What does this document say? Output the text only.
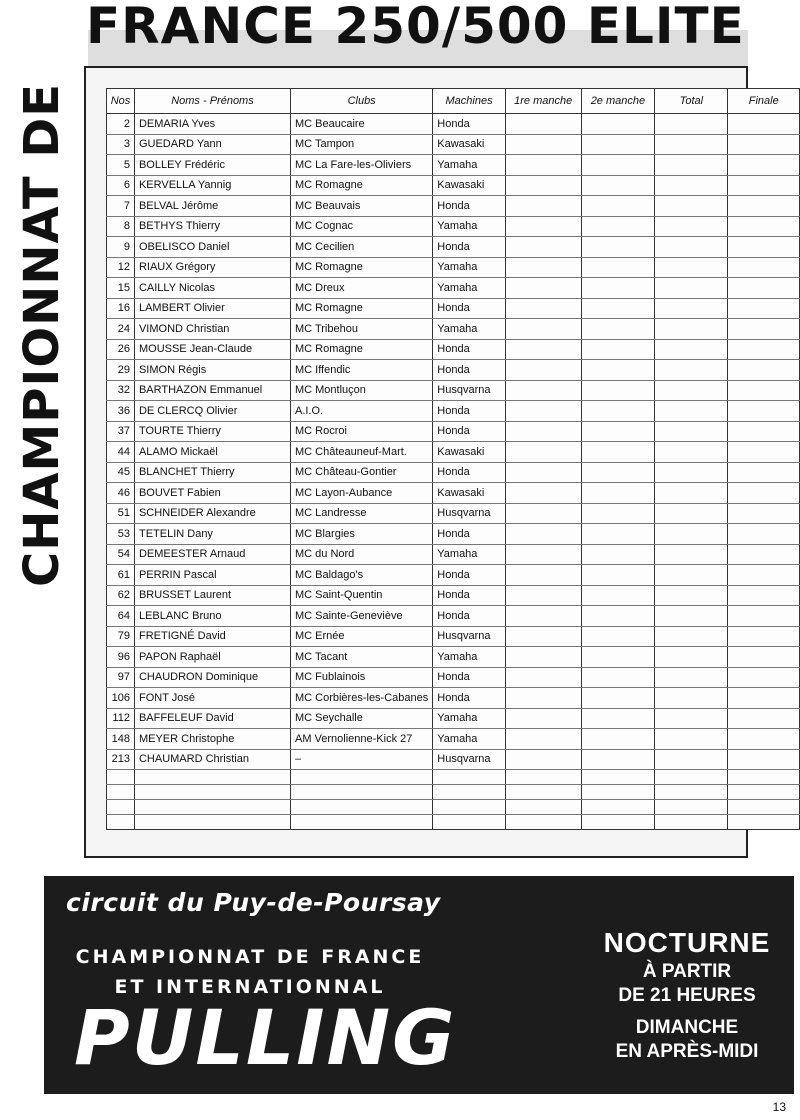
FRANCE 250/500 ELITE
CHAMPIONNAT DE	Nos	Noms - Prénoms	Clubs	Machines	1re manche	2e manche	Total	Finale
2	DEMARIA Yves	MC Beaucaire	Honda				
3	GUEDARD Yann	MC Tampon	Kawasaki				
5	BOLLEY Frédéric	MC La Fare-les-Oliviers	Yamaha				
6	KERVELLA Yannig	MC Romagne	Kawasaki				
7	BELVAL Jérôme	MC Beauvais	Honda				
8	BETHYS Thierry	MC Cognac	Yamaha				
9	OBELISCO Daniel	MC Cecilien	Honda				
12	RIAUX Grégory	MC Romagne	Yamaha				
15	CAILLY Nicolas	MC Dreux	Yamaha				
16	LAMBERT Olivier	MC Romagne	Honda				
24	VIMOND Christian	MC Tribehou	Yamaha				
26	MOUSSE Jean-Claude	MC Romagne	Honda				
29	SIMON Régis	MC Iffendic	Honda				
32	BARTHAZON Emmanuel	MC Montluçon	Husqvarna				
36	DE CLERCQ Olivier	A.I.O.	Honda				
37	TOURTE Thierry	MC Rocroi	Honda				
44	ALAMO Mickaël	MC Châteauneuf-Mart.	Kawasaki				
45	BLANCHET Thierry	MC Château-Gontier	Honda				
46	BOUVET Fabien	MC Layon-Aubance	Kawasaki				
51	SCHNEIDER Alexandre	MC Landresse	Husqvarna				
53	TETELIN Dany	MC Blargies	Honda				
54	DEMEESTER Arnaud	MC du Nord	Yamaha				
61	PERRIN Pascal	MC Baldago's	Honda				
62	BRUSSET Laurent	MC Saint-Quentin	Honda				
64	LEBLANC Bruno	MC Sainte-Geneviève	Honda				
79	FRETIGNÉ David	MC Ernée	Husqvarna				
96	PAPON Raphaël	MC Tacant	Yamaha				
97	CHAUDRON Dominique	MC Fublainois	Honda				
106	FONT José	MC Corbières-les-Cabanes	Honda				
112	BAFFELEUF David	MC Seychalle	Yamaha				
148	MEYER Christophe	AM Vernolienne-Kick 27	Yamaha				
213	CHAUMARD Christian	–	Husqvarna				

circuit du Puy-de-Poursay
CHAMPIONNAT DE FRANCE
ET INTERNATIONNAL
PULLING
NOCTURNE
À PARTIR
DE 21 HEURES
DIMANCHE
EN APRÈS-MIDI
13
